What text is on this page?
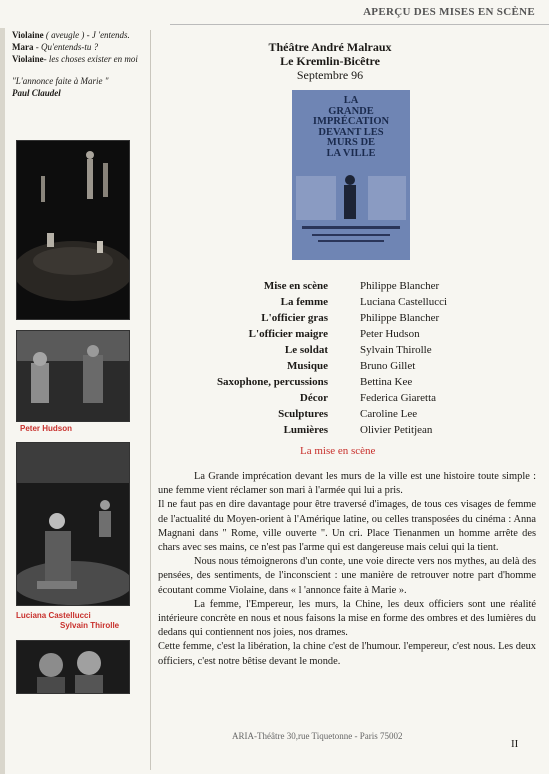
APERÇU DES MISES EN SCÈNE
Violaine ( aveugle ) - J 'entends.
Mara - Qu'entends-tu ?
Violaine- les choses exister en moi
"L'annonce faite à Marie "
Paul Claudel
Peter Hudson
Luciana Castellucci
Sylvain Thirolle
Théâtre André Malraux
Le Kremlin-Bicêtre
Septembre 96
LA
GRANDE
IMPRÉCATION
DEVANT LES
MURS DE
LA VILLE
Mise en scène	Philippe Blancher
La femme	Luciana Castellucci
L'officier gras	Philippe Blancher
L'officier maigre	Peter Hudson
Le soldat	Sylvain Thirolle
Musique	Bruno Gillet
Saxophone, percussions	Bettina Kee
Décor	Federica Giaretta
Sculptures	Caroline Lee
Lumières	Olivier Petitjean
La mise en scène

La Grande imprécation devant les murs de la ville est une histoire toute simple : une femme vient réclamer son mari à l'armée qui lui a pris.

Il ne faut pas en dire davantage pour être traversé d'images, de tous ces visages de femme de l'actualité du Moyen-orient à l'Amérique latine, ou celles transposées du cinéma : Anna Magnani dans " Rome, ville ouverte ". Un cri. Place Tienanmen un homme arrête des chars avec ses mains, ce n'est pas l'arme qui est dangereuse mais celui qui la tient.

Nous nous témoignerons d'un conte, une voie directe vers nos mythes, au delà des pensées, des sentiments, de l'inconscient : une manière de retrouver notre part d'homme écoutant comme Violaine, dans « l 'annonce faite à Marie ».

La femme, l'Empereur, les murs, la Chine, les deux officiers sont une réalité intérieure concrète en nous et nous faisons la mise en forme des ombres et des lumières du dedans qui contiennent nos joies, nos drames.

Cette femme, c'est la libération, la chine c'est de l'humour. l'empereur, c'est nous. Les deux officiers, c'est notre bêtise devant le monde.

ARIA-Théâtre 30,rue Tiquetonne - Paris 75002
II
